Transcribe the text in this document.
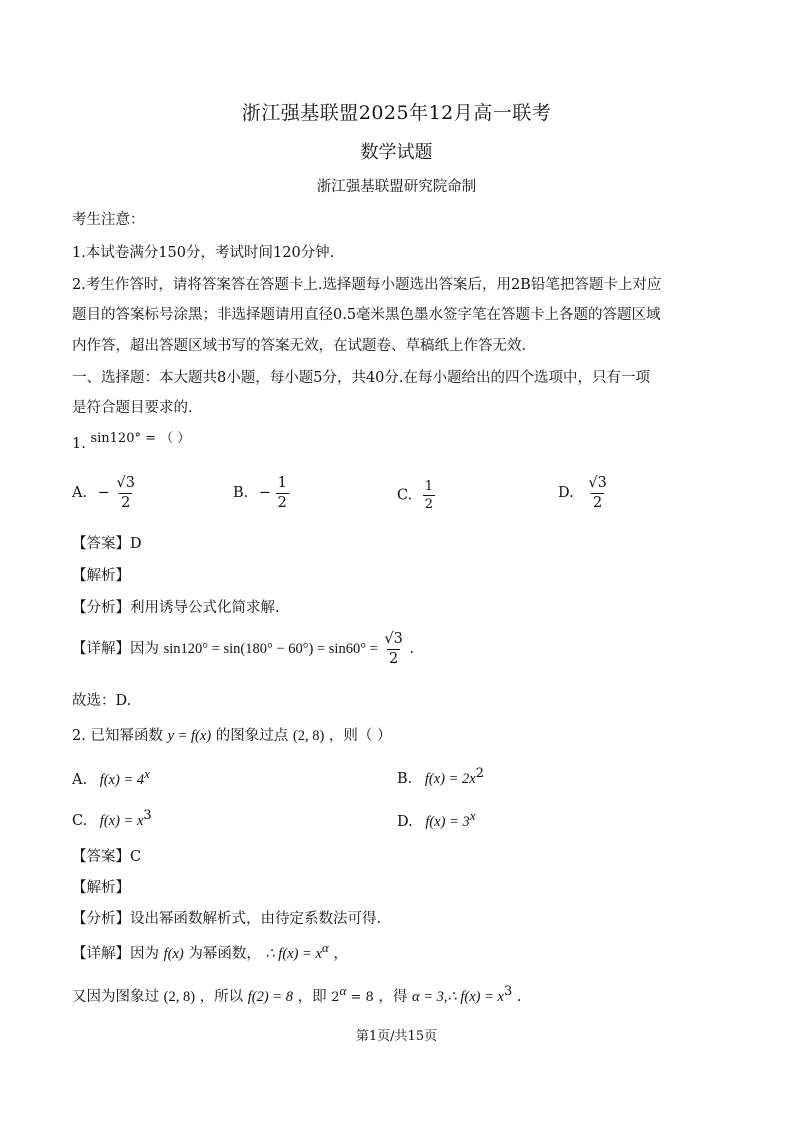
浙江强基联盟2025年12月高一联考
数学试题
浙江强基联盟研究院命制
考生注意：
1.本试卷满分150分，考试时间120分钟.
2.考生作答时，请将答案答在答题卡上.选择题每小题选出答案后，用2B铅笔把答题卡上对应
题目的答案标号涂黑；非选择题请用直径0.5毫米黑色墨水签字笔在答题卡上各题的答题区域
内作答，超出答题区域书写的答案无效，在试题卷、草稿纸上作答无效.
一、选择题：本大题共8小题，每小题5分，共40分.在每小题给出的四个选项中，只有一项
是符合题目要求的.
1. sin120° = （ ）
A. − $\frac{√3}{2}$	B. − $\frac{1}{2}$	C. $\frac{1}{2}$	D. $\frac{√3}{2}$
【答案】D
【解析】
【分析】利用诱导公式化简求解.
【详解】因为 $\sin 120^\circ = \sin(180^\circ - 60^\circ) = \sin 60^\circ = \frac{√3}{2}$ .
故选：D.
2. 已知幂函数 y = f(x) 的图象过点 (2, 8) ，则（ ）
A. $f(x) = 4^x$	B. $f(x) = 2x^2$
C. $f(x) = x^3$	D. $f(x) = 3^x$
【答案】C
【解析】
【分析】设出幂函数解析式，由待定系数法可得.
【详解】因为 f(x) 为幂函数， ∴ $f(x) = x^\alpha$ ，
又因为图象过 (2, 8) ，所以 f(2) = 8 ，即 $2^\alpha = 8$ ，得 α = 3,∴ $f(x) = x^3$ .
第1页/共15页
